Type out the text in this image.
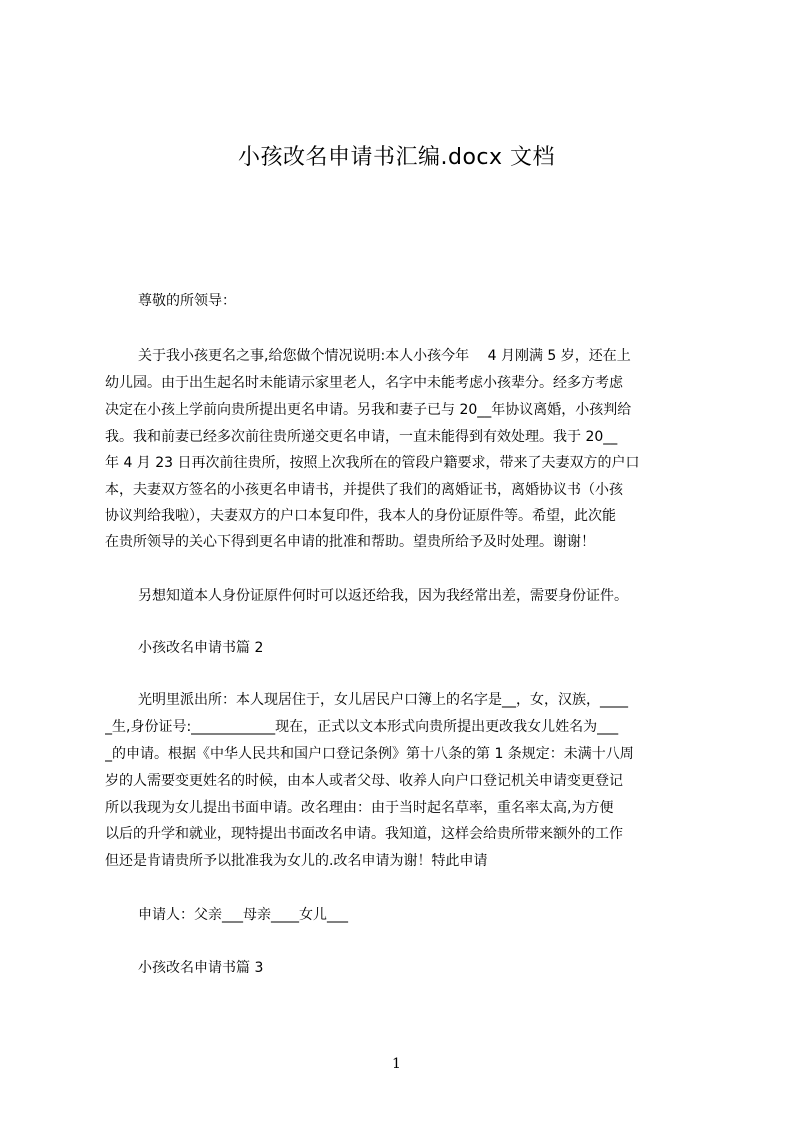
小孩改名申请书汇编.docx 文档
尊敬的所领导：
关于我小孩更名之事,给您做个情况说明:本人小孩今年　 4 月刚满 5 岁，还在上
幼儿园。由于出生起名时未能请示家里老人，名字中未能考虑小孩辈分。经多方考虑
决定在小孩上学前向贵所提出更名申请。另我和妻子已与 20__年协议离婚，小孩判给
我。我和前妻已经多次前往贵所递交更名申请，一直未能得到有效处理。我于 20__
年 4 月 23 日再次前往贵所，按照上次我所在的管段户籍要求，带来了夫妻双方的户口
本，夫妻双方签名的小孩更名申请书，并提供了我们的离婚证书，离婚协议书（小孩
协议判给我啦），夫妻双方的户口本复印件，我本人的身份证原件等。希望，此次能
在贵所领导的关心下得到更名申请的批准和帮助。望贵所给予及时处理。谢谢！
另想知道本人身份证原件何时可以返还给我，因为我经常出差，需要身份证件。
小孩改名申请书篇 2
光明里派出所：本人现居住于，女儿居民户口簿上的名字是__，女，汉族，____
_生,身份证号:____________现在，正式以文本形式向贵所提出更改我女儿姓名为___
_的申请。根据《中华人民共和国户口登记条例》第十八条的第 1 条规定：未满十八周
岁的人需要变更姓名的时候，由本人或者父母、收养人向户口登记机关申请变更登记
所以我现为女儿提出书面申请。改名理由：由于当时起名草率，重名率太高,为方便
以后的升学和就业，现特提出书面改名申请。我知道，这样会给贵所带来额外的工作
但还是肯请贵所予以批准我为女儿的.改名申请为谢！特此申请
申请人：父亲___母亲____女儿___
小孩改名申请书篇 3
1
